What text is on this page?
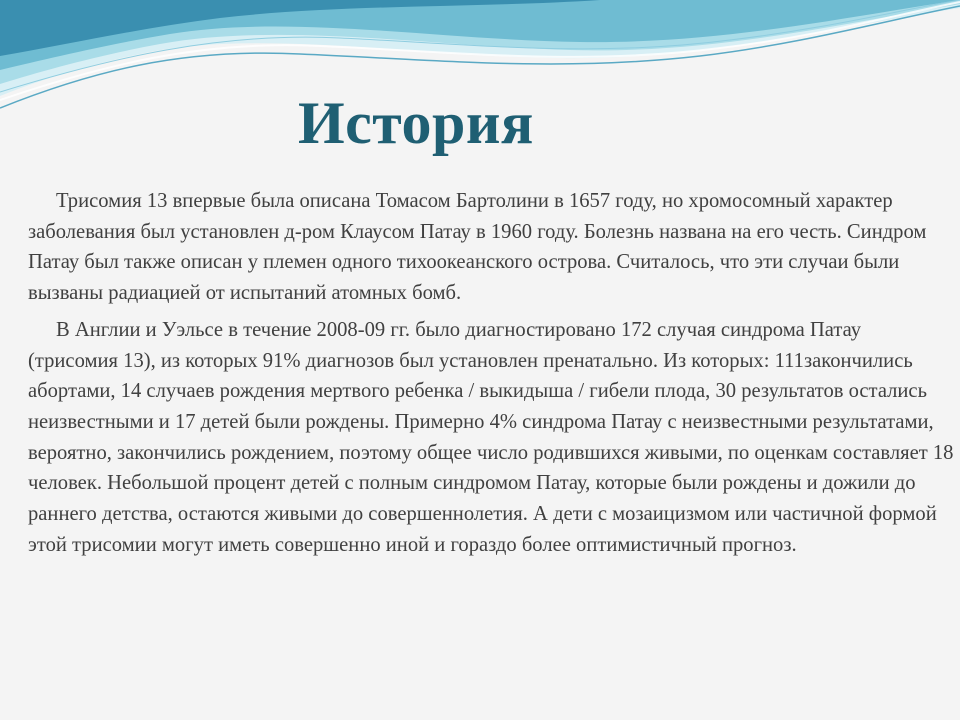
История

Трисомия 13 впервые была описана Томасом Бартолини в 1657 году, но хромосомный характер заболевания был установлен д-ром Клаусом Патау в 1960 году. Болезнь названа на его честь. Синдром Патау был также описан у племен одного тихоокеанского острова. Считалось, что эти случаи были вызваны радиацией от испытаний атомных бомб.

В Англии и Уэльсе в течение 2008-09 гг. было диагностировано 172 случая синдрома Патау (трисомия 13), из которых 91% диагнозов был установлен пренатально. Из которых: 111закончились абортами, 14 случаев рождения мертвого ребенка / выкидыша / гибели плода, 30 результатов остались неизвестными и 17 детей были рождены. Примерно 4% синдрома Патау с неизвестными результатами, вероятно, закончились рождением, поэтому общее число родившихся живыми, по оценкам составляет 18 человек. Небольшой процент детей с полным синдромом Патау, которые были рождены и дожили до раннего детства, остаются живыми до совершеннолетия. А дети с мозаицизмом или частичной формой этой трисомии могут иметь совершенно иной и гораздо более оптимистичный прогноз.
